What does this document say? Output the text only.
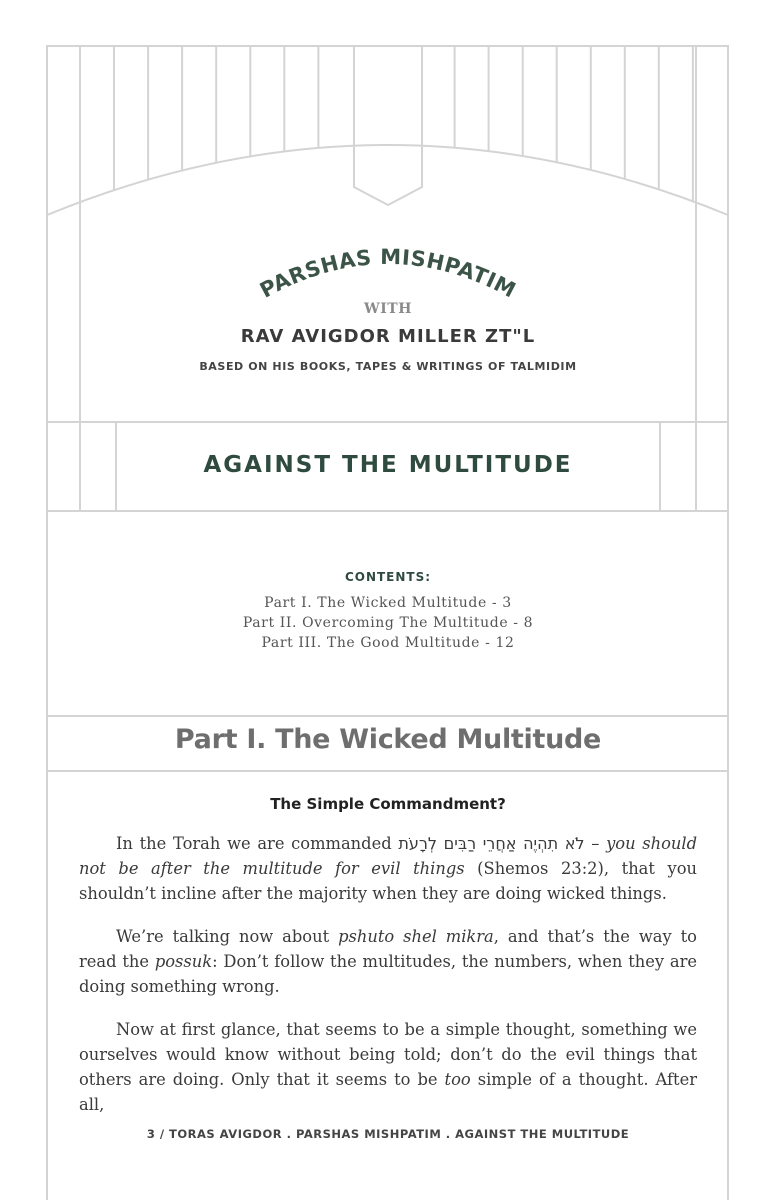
PARSHAS MISHPATIM
WITH
RAV AVIGDOR MILLER ZT"L
BASED ON HIS BOOKS, TAPES & WRITINGS OF TALMIDIM
AGAINST THE MULTITUDE
CONTENTS:
Part I. The Wicked Multitude - 3
Part II. Overcoming The Multitude - 8
Part III. The Good Multitude - 12
Part I. The Wicked Multitude
The Simple Commandment?

In the Torah we are commanded לֹא תִהְיֶה אַחֲרֵי רַבִּים לְרָעֹת – you should not be after the multitude for evil things (Shemos 23:2), that you shouldn’t incline after the majority when they are doing wicked things.

We’re talking now about pshuto shel mikra, and that’s the way to read the possuk: Don’t follow the multitudes, the numbers, when they are doing something wrong.

Now at first glance, that seems to be a simple thought, something we ourselves would know without being told; don’t do the evil things that others are doing. Only that it seems to be too simple of a thought. After all,

3 / TORAS AVIGDOR . PARSHAS MISHPATIM . AGAINST THE MULTITUDE
